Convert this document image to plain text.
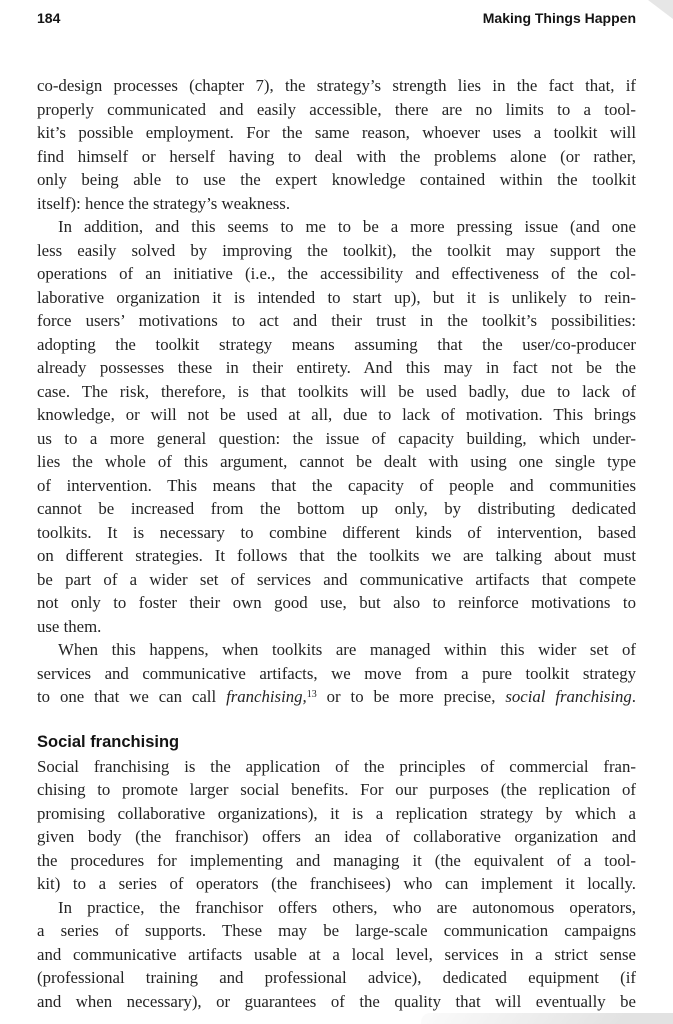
184	Making Things Happen
co-design processes (chapter 7), the strategy’s strength lies in the fact that, if
properly communicated and easily accessible, there are no limits to a tool-
kit’s possible employment. For the same reason, whoever uses a toolkit will
find himself or herself having to deal with the problems alone (or rather,
only being able to use the expert knowledge contained within the toolkit
itself): hence the strategy’s weakness.
In addition, and this seems to me to be a more pressing issue (and one
less easily solved by improving the toolkit), the toolkit may support the
operations of an initiative (i.e., the accessibility and effectiveness of the col-
laborative organization it is intended to start up), but it is unlikely to rein-
force users’ motivations to act and their trust in the toolkit’s possibilities:
adopting the toolkit strategy means assuming that the user/co-producer
already possesses these in their entirety. And this may in fact not be the
case. The risk, therefore, is that toolkits will be used badly, due to lack of
knowledge, or will not be used at all, due to lack of motivation. This brings
us to a more general question: the issue of capacity building, which under-
lies the whole of this argument, cannot be dealt with using one single type
of intervention. This means that the capacity of people and communities
cannot be increased from the bottom up only, by distributing dedicated
toolkits. It is necessary to combine different kinds of intervention, based
on different strategies. It follows that the toolkits we are talking about must
be part of a wider set of services and communicative artifacts that compete
not only to foster their own good use, but also to reinforce motivations to
use them.
When this happens, when toolkits are managed within this wider set of
services and communicative artifacts, we move from a pure toolkit strategy
to one that we can call franchising,$^{13}$ or to be more precise, social franchising.
Social franchising
Social franchising is the application of the principles of commercial fran-
chising to promote larger social benefits. For our purposes (the replication of
promising collaborative organizations), it is a replication strategy by which a
given body (the franchisor) offers an idea of collaborative organization and
the procedures for implementing and managing it (the equivalent of a tool-
kit) to a series of operators (the franchisees) who can implement it locally.
In practice, the franchisor offers others, who are autonomous operators,
a series of supports. These may be large-scale communication campaigns
and communicative artifacts usable at a local level, services in a strict sense
(professional training and professional advice), dedicated equipment (if
and when necessary), or guarantees of the quality that will eventually be
